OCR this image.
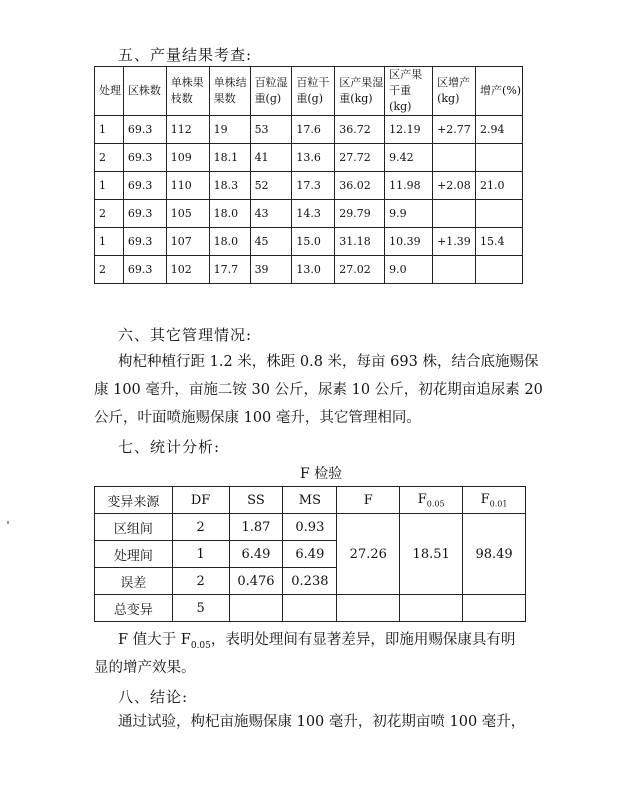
五、产量结果考查:
处理	区株数	单株果枝数	单株结果数	百粒湿重(g)	百粒干重(g)	区产果湿重(kg)	区产果干重(kg)	区增产(kg)	增产(%)
1	69.3	112	19	53	17.6	36.72	12.19	+2.77	2.94
2	69.3	109	18.1	41	13.6	27.72	9.42		
1	69.3	110	18.3	52	17.3	36.02	11.98	+2.08	21.0
2	69.3	105	18.0	43	14.3	29.79	9.9		
1	69.3	107	18.0	45	15.0	31.18	10.39	+1.39	15.4
2	69.3	102	17.7	39	13.0	27.02	9.0		
六、其它管理情况:
枸杞种植行距 1.2 米，株距 0.8 米，每亩 693 株，结合底施赐保
康 100 毫升，亩施二铵 30 公斤，尿素 10 公斤，初花期亩追尿素 20
公斤，叶面喷施赐保康 100 毫升，其它管理相同。
七、统计分析:
F 检验
变异来源	DF	SS	MS	F	$F_{0.05}$	$F_{0.01}$
区组间	2	1.87	0.93	27.26	18.51	98.49
处理间	1	6.49	6.49			
误差	2	0.476	0.238			
总变异	5					
F 值大于 $F_{0.05}$，表明处理间有显著差异，即施用赐保康具有明
显的增产效果。
八、结论:
通过试验，枸杞亩施赐保康 100 毫升，初花期亩喷 100 毫升，
